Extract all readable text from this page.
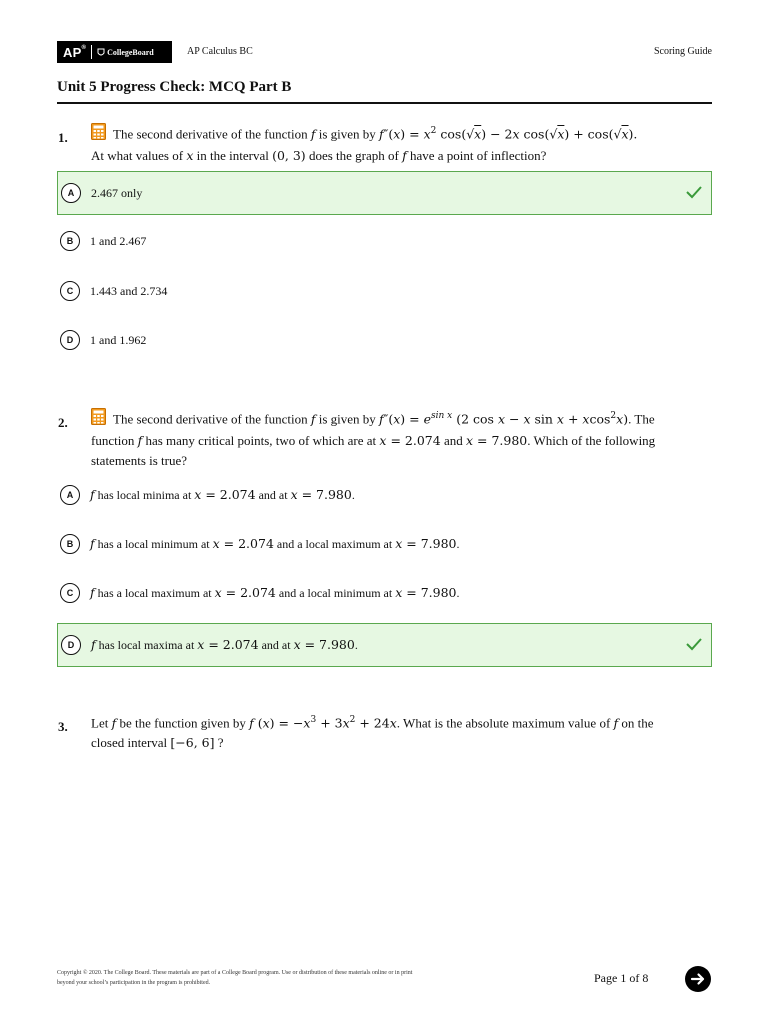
AP®	CollegeBoard	AP Calculus BC	Scoring Guide
Unit 5 Progress Check: MCQ Part B
1.	The second derivative of the function f is given by $f''(x) = x^2$ cos(√x) − 2x cos(√x) + cos(√x).
At what values of x in the interval (0, 3) does the graph of f have a point of inflection?
A	2.467 only
B	1 and 2.467
C	1.443 and 2.734
D	1 and 1.962
2.	The second derivative of the function f is given by $f''(x) = e^{sin x}$ (2 cos x − x sin x + xcos$^2$x). The
function f has many critical points, two of which are at x = 2.074 and x = 7.980. Which of the following
statements is true?
A	f has local minima at x = 2.074 and at x = 7.980.
B	f has a local minimum at x = 2.074 and a local maximum at x = 7.980.
C	f has a local maximum at x = 2.074 and a local minimum at x = 7.980.
D	f has local maxima at x = 2.074 and at x = 7.980.
3. Let f be the function given by f $(x) = -x^3 + 3x^2 + 24x$. What is the absolute maximum value of f on the
closed interval [−6, 6] ?
Copyright © 2020. The College Board. These materials are part of a College Board program. Use or distribution of these materials online or in print
beyond your school’s participation in the program is prohibited.	Page 1 of 8
